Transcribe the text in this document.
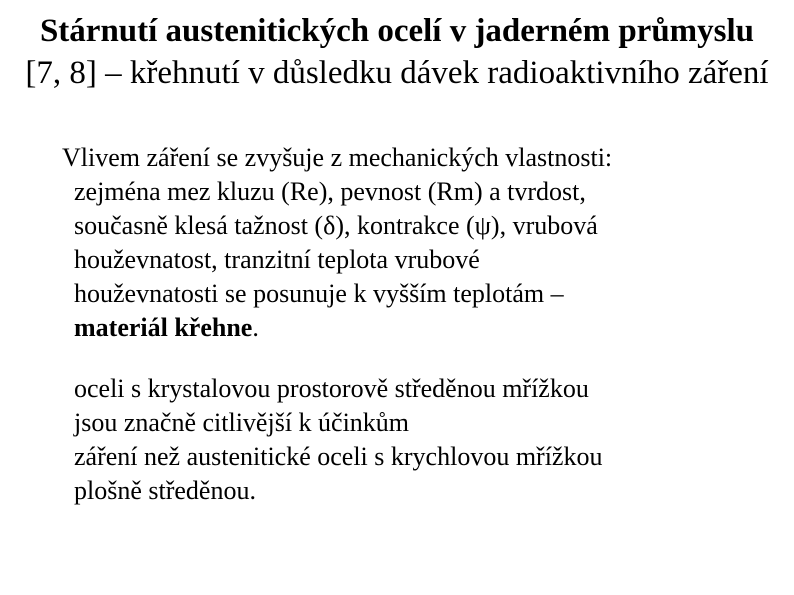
Stárnutí austenitických ocelí v jaderném průmyslu [7, 8] – křehnutí v důsledku dávek radioaktivního záření

Vlivem záření se zvyšuje z mechanických vlastnosti:
zejména mez kluzu (Re), pevnost (Rm) a tvrdost,
současně klesá tažnost (δ), kontrakce (ψ), vrubová
houževnatost, tranzitní teplota vrubové
houževnatosti se posunuje k vyšším teplotám –
materiál křehne.

oceli s krystalovou prostorově středěnou mřížkou
jsou značně citlivější k účinkům
záření než austenitické oceli s krychlovou mřížkou
plošně středěnou.
